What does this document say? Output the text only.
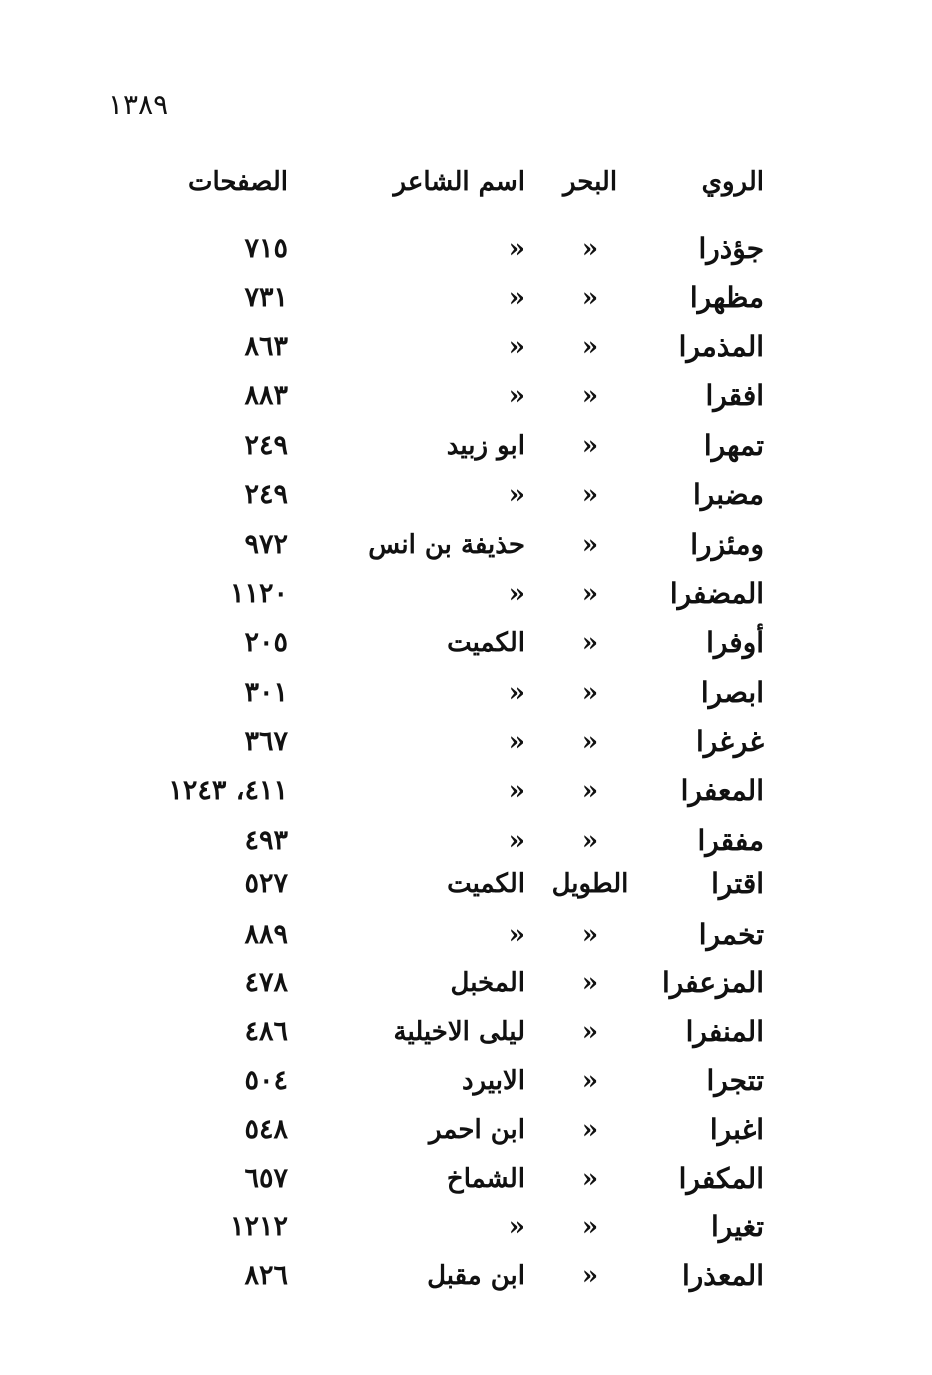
١٣٨٩
الروي
البحر
اسم الشاعر
الصفحات
جؤذرا
«
«
٧١٥
مظهرا
«
«
٧٣١
المذمرا
«
«
٨٦٣
افقرا
«
«
٨٨٣
تمهرا
«
ابو زبيد
٢٤٩
مضبرا
«
«
٢٤٩
ومئزرا
«
حذيفة بن انس
٩٧٢
المضفرا
«
«
١١٢٠
أوفرا
«
الكميت
٢٠٥
ابصرا
«
«
٣٠١
غرغرا
«
«
٣٦٧
المعفرا
«
«
٤١١، ١٢٤٣
مفقرا
«
«
٤٩٣
اقترا
الطويل
الكميت
٥٢٧
تخمرا
«
«
٨٨٩
المزعفرا
«
المخبل
٤٧٨
المنفرا
«
ليلى الاخيلية
٤٨٦
تتجرا
«
الابيرد
٥٠٤
اغبرا
«
ابن احمر
٥٤٨
المكفرا
«
الشماخ
٦٥٧
تغيرا
«
«
١٢١٢
المعذرا
«
ابن مقبل
٨٢٦
